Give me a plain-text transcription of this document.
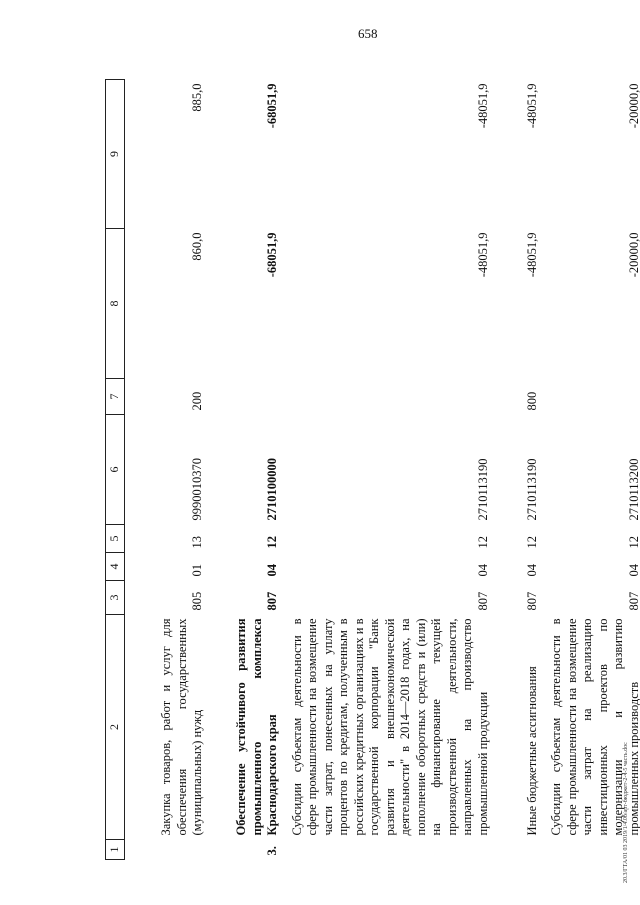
658
20.3/ГТА/01 03 2019/1/4.0б/арт-бюджет-2-ч-5 часть.doc
1	2	3	4	5	6	7	8	9
	Закупка товаров, работ и услуг для обеспечения государственных (муниципальных) нужд	805	01	13	9990010370	200	860,0	885,0
3.	Обеспечение устойчивого развития промышленного комплекса Краснодарского края	807	04	12	2710100000		-68051,9	-68051,9
	Субсидии субъектам деятельности в сфере промышленности на возмещение части затрат, понесенных на уплату процентов по кредитам, полученным в российских кредитных организациях и в государственной корпорации "Банк развития и внешнеэкономической деятельности" в 2014—2018 годах, на пополнение оборотных средств и (или) на финансирование текущей производственной деятельности, направленных на производство промышленной продукции	807	04	12	2710113190		-48051,9	-48051,9
	Иные бюджетные ассигнования	807	04	12	2710113190	800	-48051,9	-48051,9
	Субсидии субъектам деятельности в сфере промышленности на возмещение части затрат на реализацию инвестиционных проектов по модернизации и развитию промышленных производств	807	04	12	2710113200		-20000,0	-20000,0
